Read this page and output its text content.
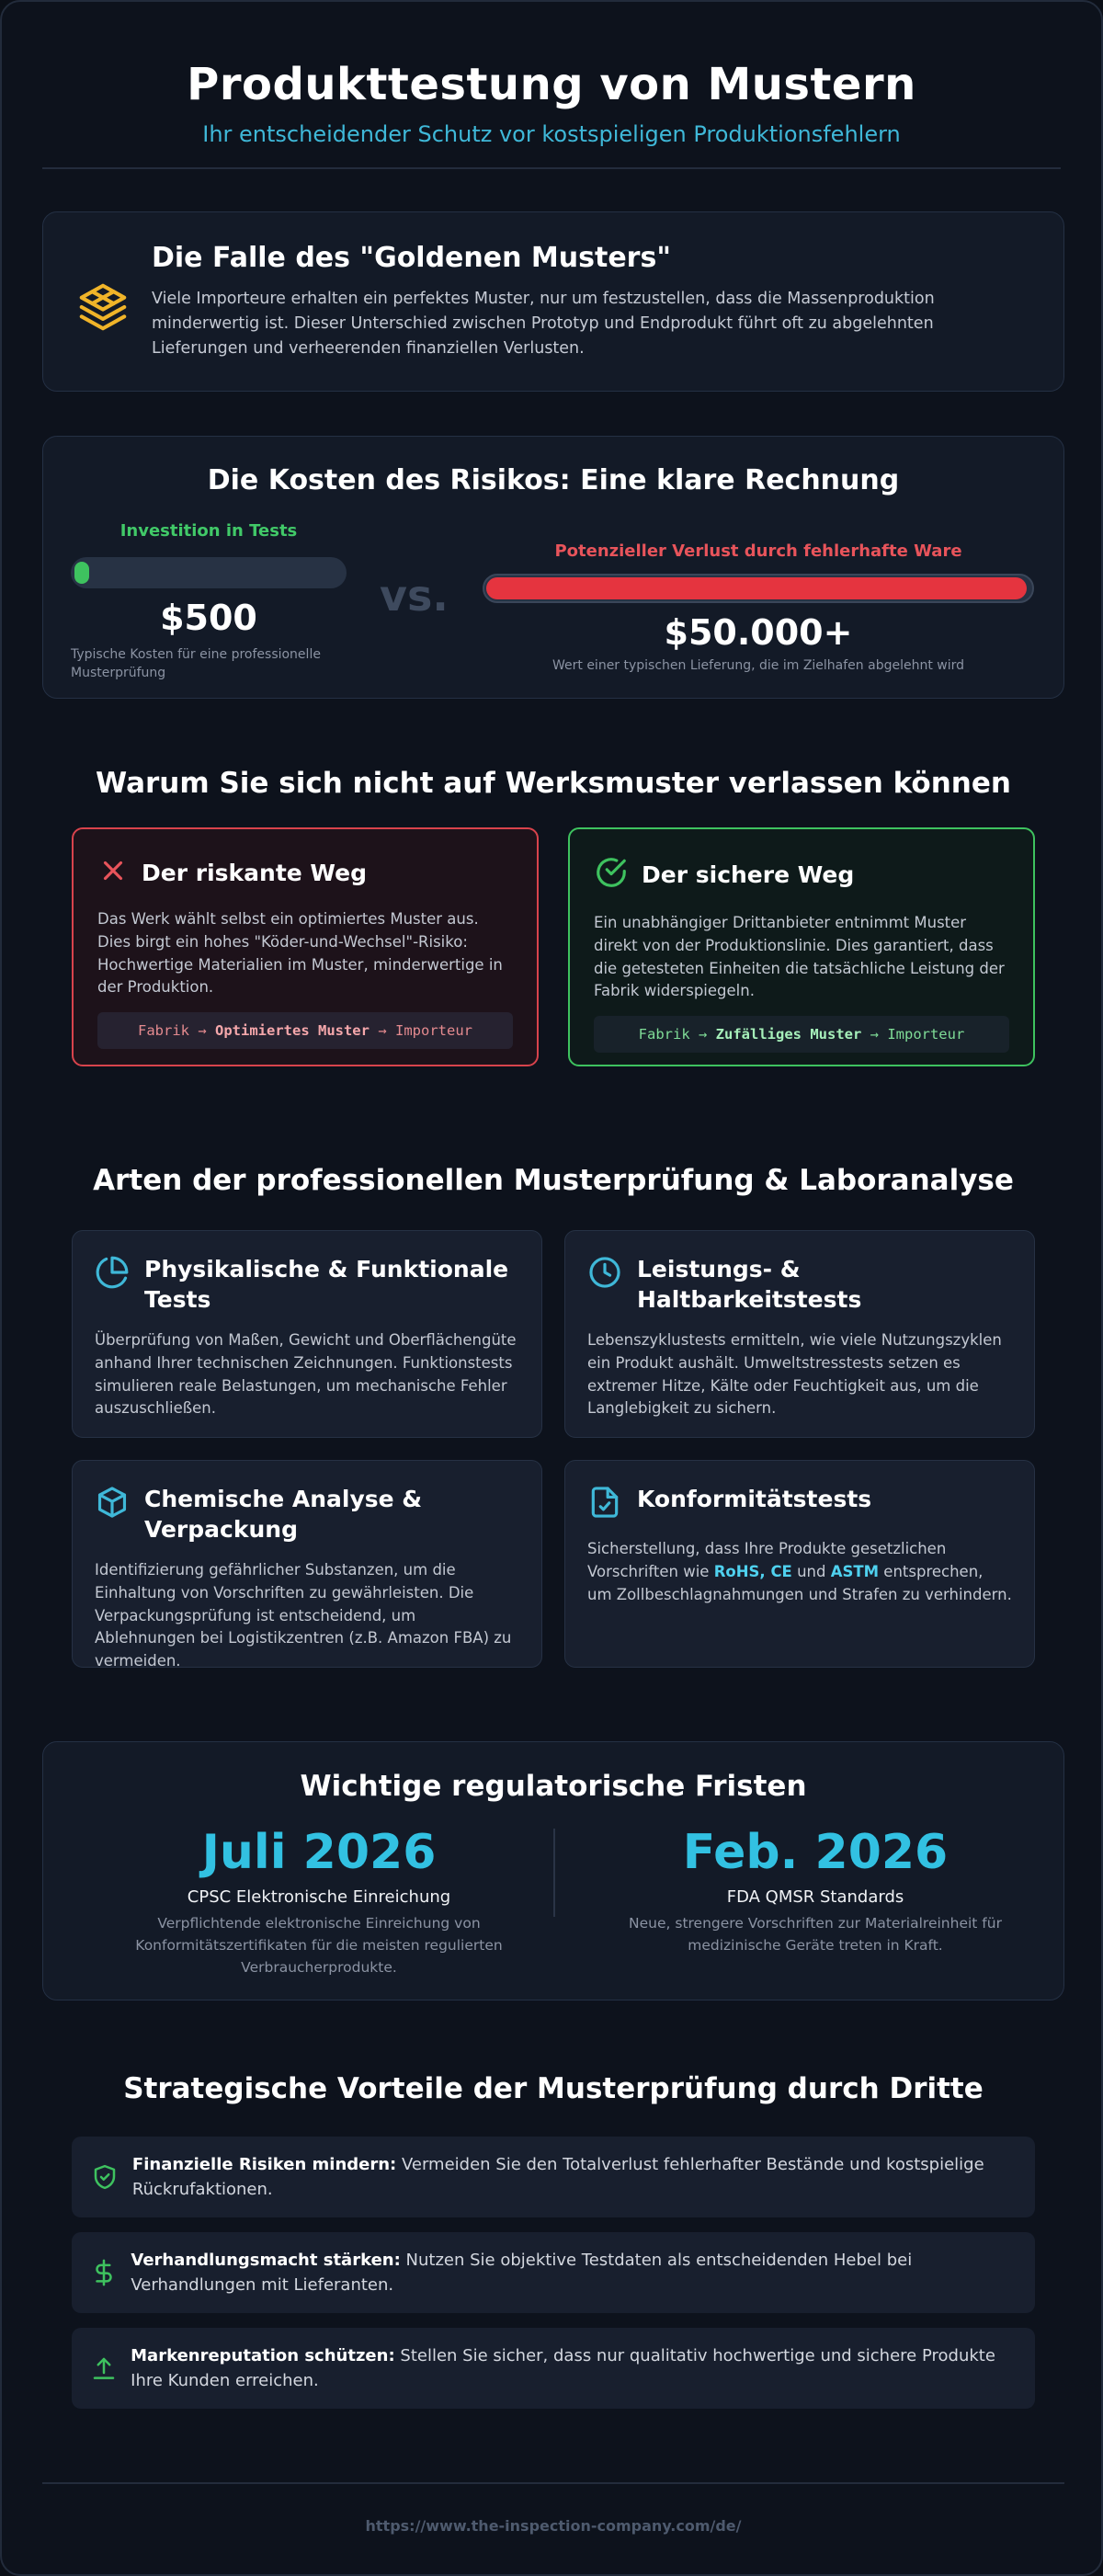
Produkttestung von Mustern
Ihr entscheidender Schutz vor kostspieligen Produktionsfehlern
Die Falle des "Goldenen Musters"

Viele Importeure erhalten ein perfektes Muster, nur um festzustellen, dass die Massenproduktion minderwertig ist. Dieser Unterschied zwischen Prototyp und Endprodukt führt oft zu abgelehnten Lieferungen und verheerenden finanziellen Verlusten.

Die Kosten des Risikos: Eine klare Rechnung
Investition in Tests
$500
Typische Kosten für eine professionelle Musterprüfung
vs.
Potenzieller Verlust durch fehlerhafte Ware
$50.000+
Wert einer typischen Lieferung, die im Zielhafen abgelehnt wird
Warum Sie sich nicht auf Werksmuster verlassen können
Der riskante Weg

Das Werk wählt selbst ein optimiertes Muster aus. Dies birgt ein hohes "Köder-und-Wechsel"-Risiko: Hochwertige Materialien im Muster, minderwertige in der Produktion.

Fabrik →
Optimiertes Muster
→ Importeur
Der sichere Weg

Ein unabhängiger Drittanbieter entnimmt Muster direkt von der Produktionslinie. Dies garantiert, dass die getesteten Einheiten die tatsächliche Leistung der Fabrik widerspiegeln.

Fabrik →
Zufälliges Muster
→ Importeur
Arten der professionellen Musterprüfung & Laboranalyse
Physikalische & Funktionale Tests

Überprüfung von Maßen, Gewicht und Oberflächengüte anhand Ihrer technischen Zeichnungen. Funktionstests simulieren reale Belastungen, um mechanische Fehler auszuschließen.

Leistungs- & Haltbarkeitstests

Lebenszyklustests ermitteln, wie viele Nutzungszyklen ein Produkt aushält. Umweltstresstests setzen es extremer Hitze, Kälte oder Feuchtigkeit aus, um die Langlebigkeit zu sichern.

Chemische Analyse & Verpackung

Identifizierung gefährlicher Substanzen, um die Einhaltung von Vorschriften zu gewährleisten. Die Verpackungsprüfung ist entscheidend, um Ablehnungen bei Logistikzentren (z.B. Amazon FBA) zu vermeiden.

Konformitätstests

Sicherstellung, dass Ihre Produkte gesetzlichen Vorschriften wie RoHS, CE und ASTM entsprechen, um Zollbeschlagnahmungen und Strafen zu verhindern.

Wichtige regulatorische Fristen
Juli 2026
CPSC Elektronische Einreichung
Verpflichtende elektronische Einreichung von Konformitätszertifikaten für die meisten regulierten Verbraucherprodukte.
Feb. 2026
FDA QMSR Standards
Neue, strengere Vorschriften zur Materialreinheit für medizinische Geräte treten in Kraft.
Strategische Vorteile der Musterprüfung durch Dritte

Finanzielle Risiken mindern: Vermeiden Sie den Totalverlust fehlerhafter Bestände und kostspielige Rückrufaktionen.

Verhandlungsmacht stärken: Nutzen Sie objektive Testdaten als entscheidenden Hebel bei Verhandlungen mit Lieferanten.

Markenreputation schützen: Stellen Sie sicher, dass nur qualitativ hochwertige und sichere Produkte Ihre Kunden erreichen.

https://www.the-inspection-company.com/de/
